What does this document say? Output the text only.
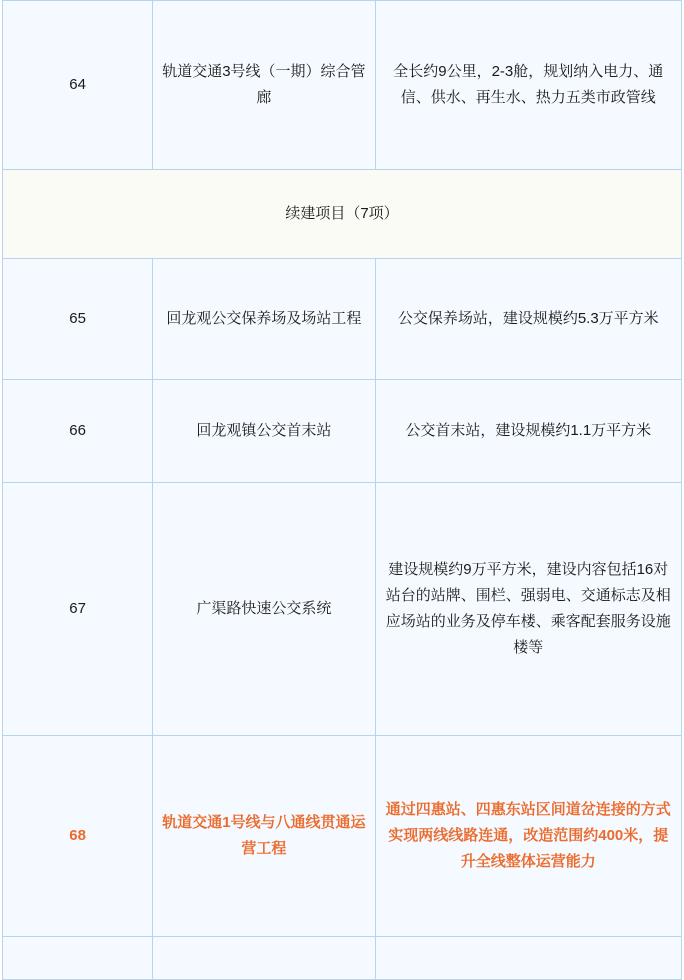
64	轨道交通3号线（一期）综合管廊	全长约9公里，2-3舱，规划纳入电力、通信、供水、再生水、热力五类市政管线
续建项目（7项）		
65	回龙观公交保养场及场站工程	公交保养场站，建设规模约5.3万平方米
66	回龙观镇公交首末站	公交首末站，建设规模约1.1万平方米
67	广渠路快速公交系统	建设规模约9万平方米，建设内容包括16对站台的站牌、围栏、强弱电、交通标志及相应场站的业务及停车楼、乘客配套服务设施楼等
68	轨道交通1号线与八通线贯通运营工程	通过四惠站、四惠东站区间道岔连接的方式实现两线线路连通，改造范围约400米，提升全线整体运营能力
